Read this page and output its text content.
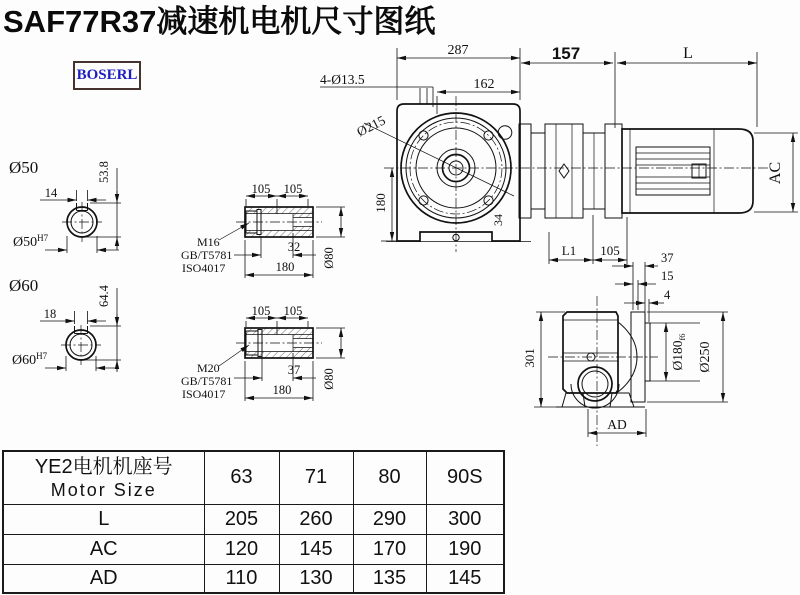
SAF77R37减速机电机尺寸图纸
BOSERL
Ø50
14
53.8
$Ø50^{H7}$
Ø60
18
64.4
$Ø60^{H7}$
105 105
32
180 Ø80
M16
GB/T5781
ISO4017
105 105
37
180
Ø80
M20
GB/T5781
ISO4017
287
162
4-Ø13.5
Ø215
180
34
157	L
AC
L1 105	37
15
4
301	$Ø180_{f6}$
Ø250
AD
YE2电机机座号
Motor Size	63	71	80	90S
L	205	260	290	300
AC	120	145	170	190
AD	110	130	135	145
